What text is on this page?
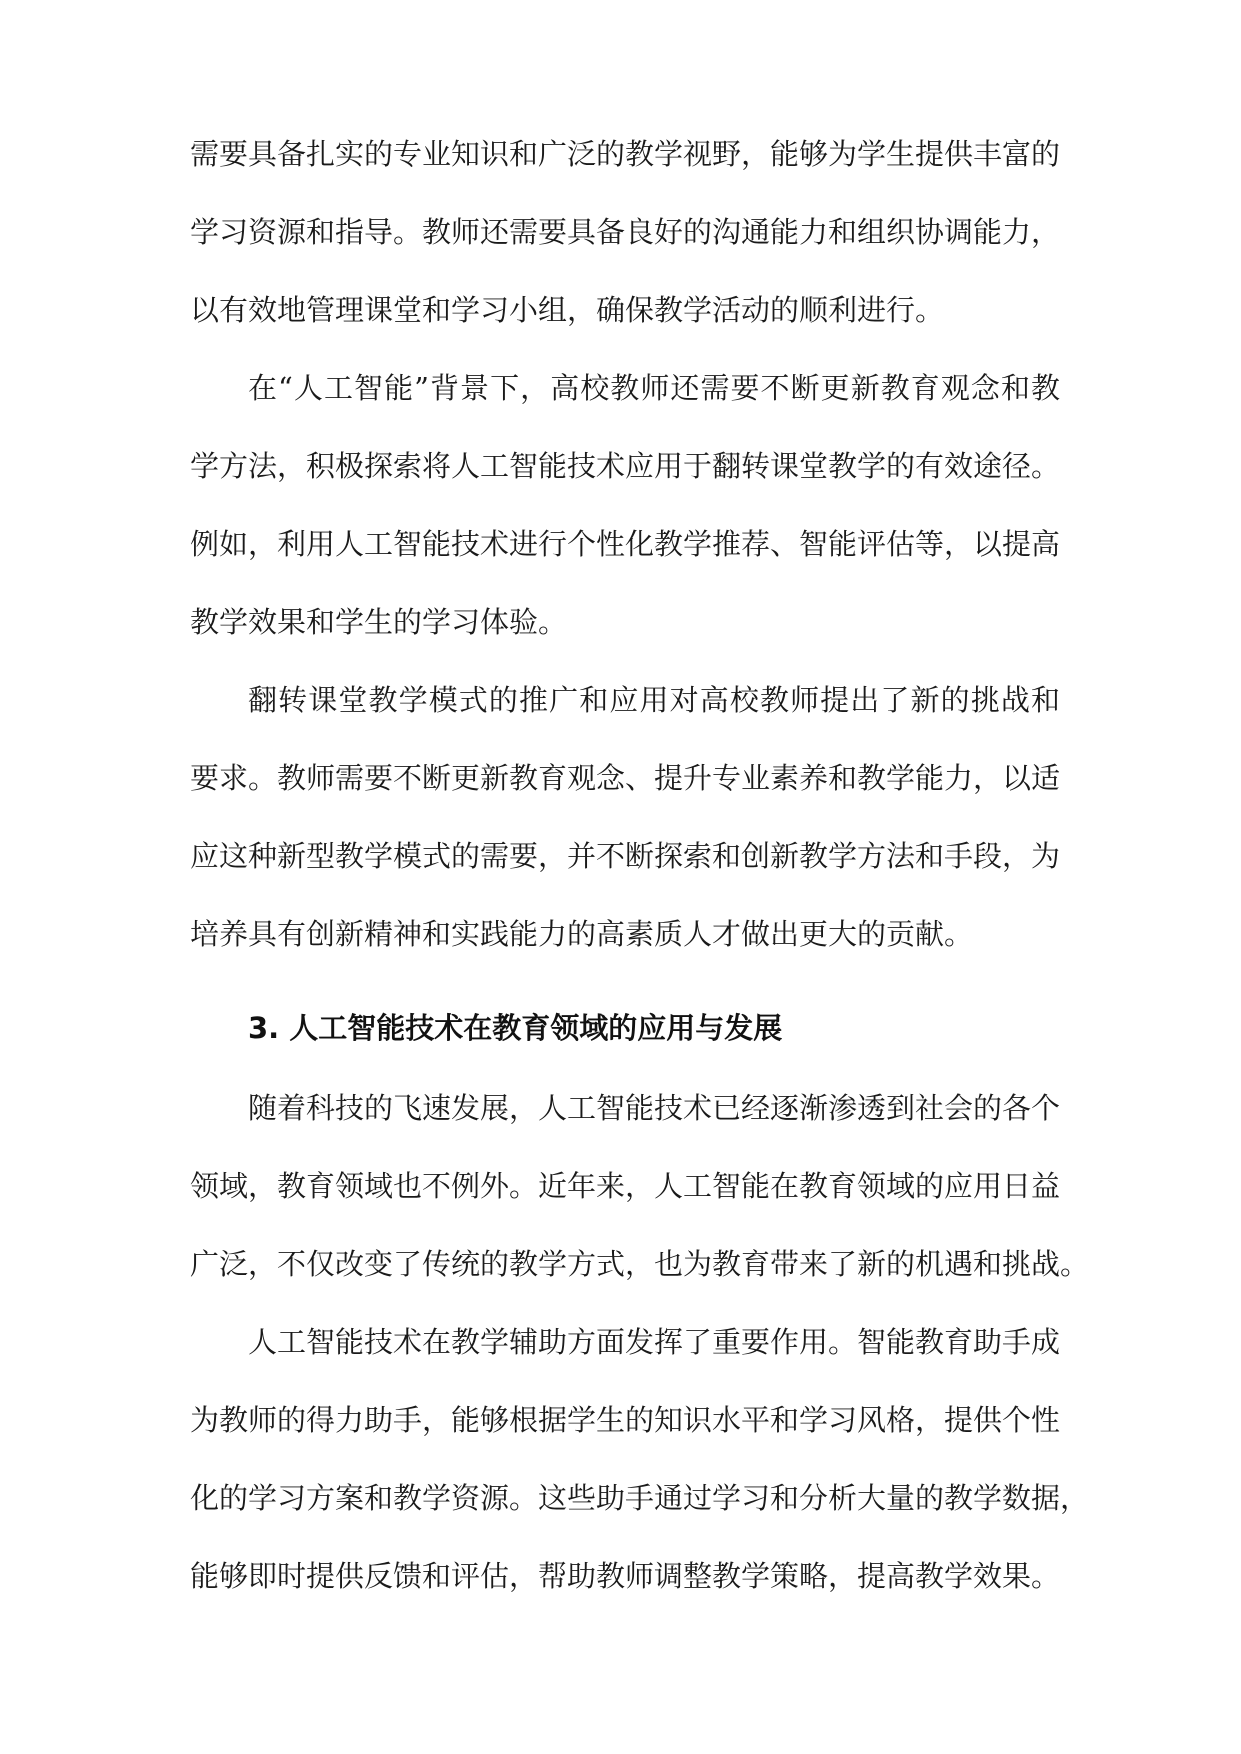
需要具备扎实的专业知识和广泛的教学视野，能够为学生提供丰富的
学习资源和指导。教师还需要具备良好的沟通能力和组织协调能力，
以有效地管理课堂和学习小组，确保教学活动的顺利进行。
在“人工智能”背景下，高校教师还需要不断更新教育观念和教
学方法，积极探索将人工智能技术应用于翻转课堂教学的有效途径。
例如，利用人工智能技术进行个性化教学推荐、智能评估等，以提高
教学效果和学生的学习体验。
翻转课堂教学模式的推广和应用对高校教师提出了新的挑战和
要求。教师需要不断更新教育观念、提升专业素养和教学能力，以适
应这种新型教学模式的需要，并不断探索和创新教学方法和手段，为
培养具有创新精神和实践能力的高素质人才做出更大的贡献。
3. 人工智能技术在教育领域的应用与发展
随着科技的飞速发展，人工智能技术已经逐渐渗透到社会的各个
领域，教育领域也不例外。近年来，人工智能在教育领域的应用日益
广泛，不仅改变了传统的教学方式，也为教育带来了新的机遇和挑战。
人工智能技术在教学辅助方面发挥了重要作用。智能教育助手成
为教师的得力助手，能够根据学生的知识水平和学习风格，提供个性
化的学习方案和教学资源。这些助手通过学习和分析大量的教学数据，
能够即时提供反馈和评估，帮助教师调整教学策略，提高教学效果。
